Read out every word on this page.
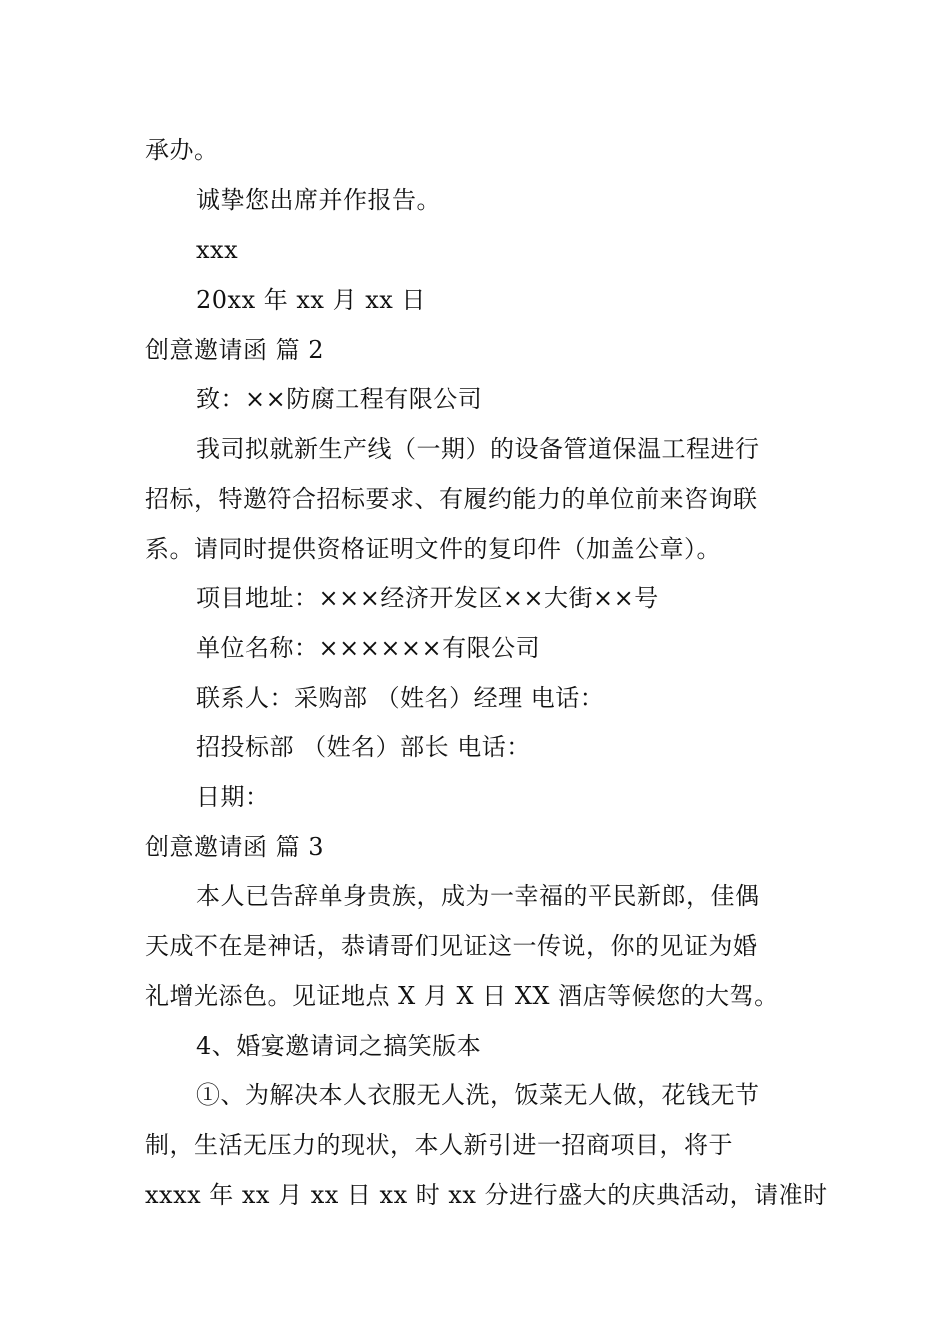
承办。
诚挚您出席并作报告。
xxx
20xx 年 xx 月 xx 日
创意邀请函 篇 2
致：××防腐工程有限公司
我司拟就新生产线（一期）的设备管道保温工程进行
招标，特邀符合招标要求、有履约能力的单位前来咨询联
系。请同时提供资格证明文件的复印件（加盖公章）。
项目地址：×××经济开发区××大街××号
单位名称：××××××有限公司
联系人：采购部 （姓名）经理 电话：
招投标部 （姓名）部长 电话：
日期：
创意邀请函 篇 3
本人已告辞单身贵族，成为一幸福的平民新郎，佳偶
天成不在是神话，恭请哥们见证这一传说，你的见证为婚
礼增光添色。见证地点 X 月 X 日 XX 酒店等候您的大驾。
4、婚宴邀请词之搞笑版本
①、为解决本人衣服无人洗，饭菜无人做，花钱无节
制，生活无压力的现状，本人新引进一招商项目，将于
xxxx 年 xx 月 xx 日 xx 时 xx 分进行盛大的庆典活动，请准时
